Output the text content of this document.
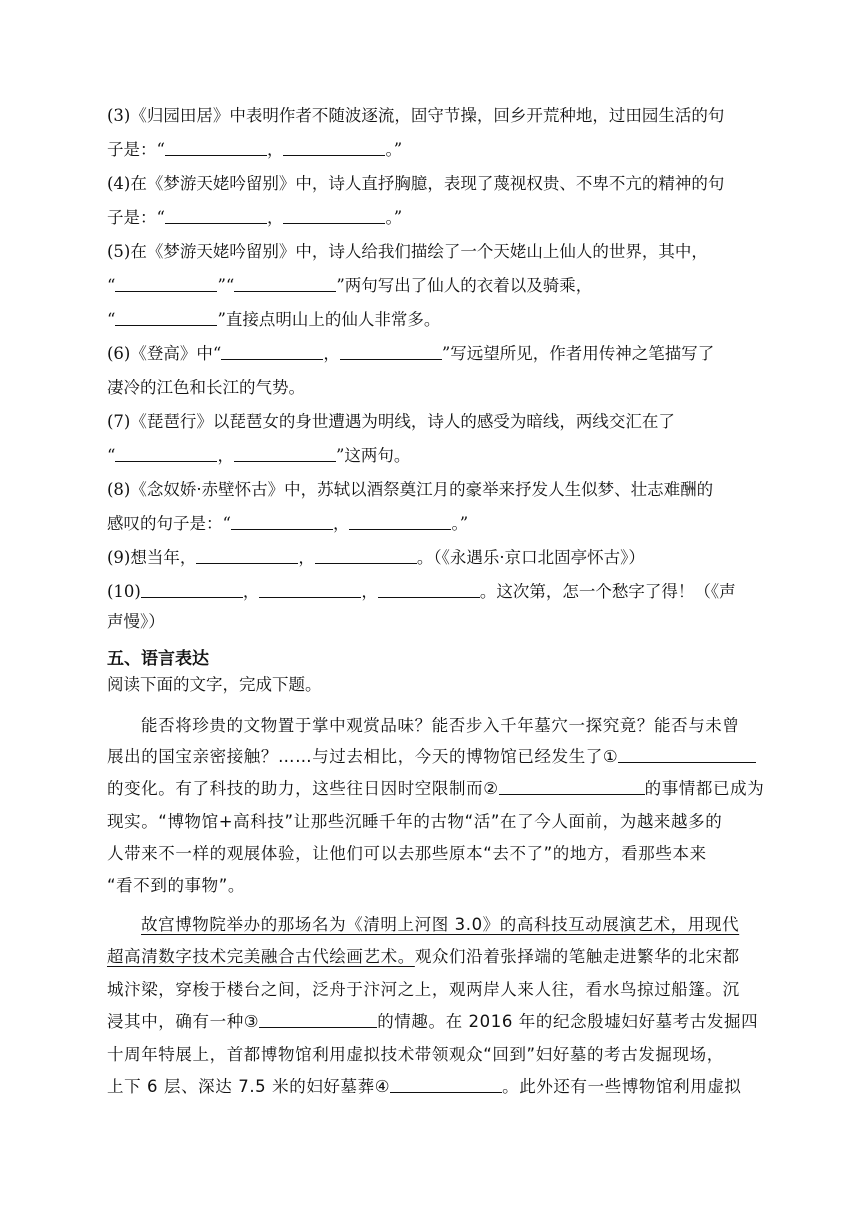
(3)《归园田居》中表明作者不随波逐流，固守节操，回乡开荒种地，过田园生活的句
子是：“	，	。”
(4)在《梦游天姥吟留别》中，诗人直抒胸臆，表现了蔑视权贵、不卑不亢的精神的句
子是：“	，	。”
(5)在《梦游天姥吟留别》中，诗人给我们描绘了一个天姥山上仙人的世界，其中，
“	”“	”两句写出了仙人的衣着以及骑乘，
“	”直接点明山上的仙人非常多。
(6)《登高》中“	，	”写远望所见，作者用传神之笔描写了
凄冷的江色和长江的气势。
(7)《琵琶行》以琵琶女的身世遭遇为明线，诗人的感受为暗线，两线交汇在了
“	，	”这两句。
(8)《念奴娇·赤壁怀古》中，苏轼以酒祭奠江月的豪举来抒发人生似梦、壮志难酬的
感叹的句子是：“	，	。”
(9)想当年，	，	。（《永遇乐·京口北固亭怀古》）
(10)	，	，	。这次第，怎一个愁字了得！（《声
声慢》）
五、语言表达
阅读下面的文字，完成下题。
能否将珍贵的文物置于掌中观赏品味？能否步入千年墓穴一探究竟？能否与未曾
展出的国宝亲密接触？……与过去相比，今天的博物馆已经发生了①
的变化。有了科技的助力，这些往日因时空限制而②	的事情都已成为
现实。“博物馆+高科技”让那些沉睡千年的古物“活”在了今人面前，为越来越多的
人带来不一样的观展体验，让他们可以去那些原本“去不了”的地方，看那些本来
“看不到的事物”。
故宫博物院举办的那场名为《清明上河图 3.0》的高科技互动展演艺术，用现代
超高清数字技术完美融合古代绘画艺术。观众们沿着张择端的笔触走进繁华的北宋都
城汴梁，穿梭于楼台之间，泛舟于汴河之上，观两岸人来人往，看水鸟掠过船篷。沉
浸其中，确有一种③	的情趣。在 2016 年的纪念殷墟妇好墓考古发掘四
十周年特展上，首都博物馆利用虚拟技术带领观众“回到”妇好墓的考古发掘现场，
上下 6 层、深达 7.5 米的妇好墓葬④	。此外还有一些博物馆利用虚拟
